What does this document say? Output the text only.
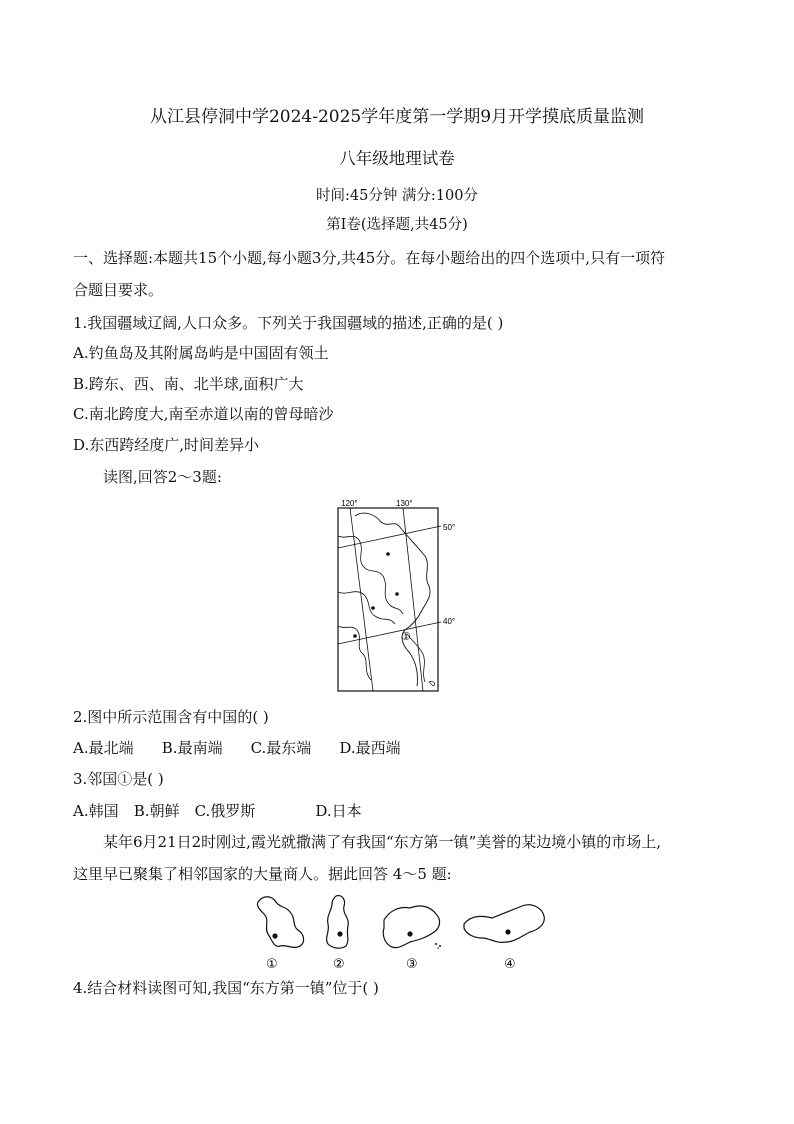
从江县停洞中学2024-2025学年度第一学期9月开学摸底质量监测
八年级地理试卷
时间:45分钟 满分:100分
第Ⅰ卷(选择题,共45分)
一、选择题:本题共15个小题,每小题3分,共45分。在每小题给出的四个选项中,只有一项符
合题目要求。
1.我国疆域辽阔,人口众多。下列关于我国疆域的描述,正确的是( )
A.钓鱼岛及其附属岛屿是中国固有领土
B.跨东、西、南、北半球,面积广大
C.南北跨度大,南至赤道以南的曾母暗沙
D.东西跨经度广,时间差异小
读图,回答2～3题:
120°	130°
50°
40°
①
2.图中所示范围含有中国的( )
A.最北端 B.最南端 C.最东端 D.最西端
3.邻国①是( )
A.韩国 B.朝鲜 C.俄罗斯	D.日本
某年6月21日2时刚过,霞光就撒满了有我国“东方第一镇”美誉的某边境小镇的市场上,
这里早已聚集了相邻国家的大量商人。据此回答 4～5 题:
①	②	③	④
4.结合材料读图可知,我国“东方第一镇”位于( )
